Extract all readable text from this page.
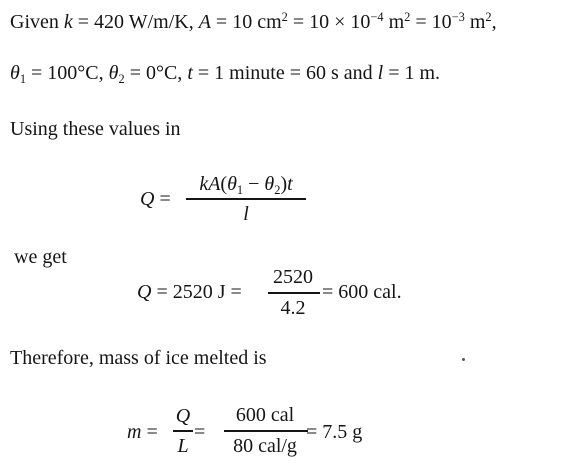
Given k = 420 W/m/K, A = 10 $cm^2 = 10 \times 10^{-4}$ $m^2 = 10^{-3}$ $m^2$,
$\theta_1 = 100^\circ C$, $\theta_2 = 0^\circ C$, t = 1 minute = 60 s and l = 1 m.
Using these values in
Q =
$kA(\theta_1 - \theta_2)t$
l
we get
Q = 2520 J =
2520
4.2
= 600 cal.
Therefore, mass of ice melted is
m =
Q
L
=
600 cal
80 cal/g
= 7.5 g
